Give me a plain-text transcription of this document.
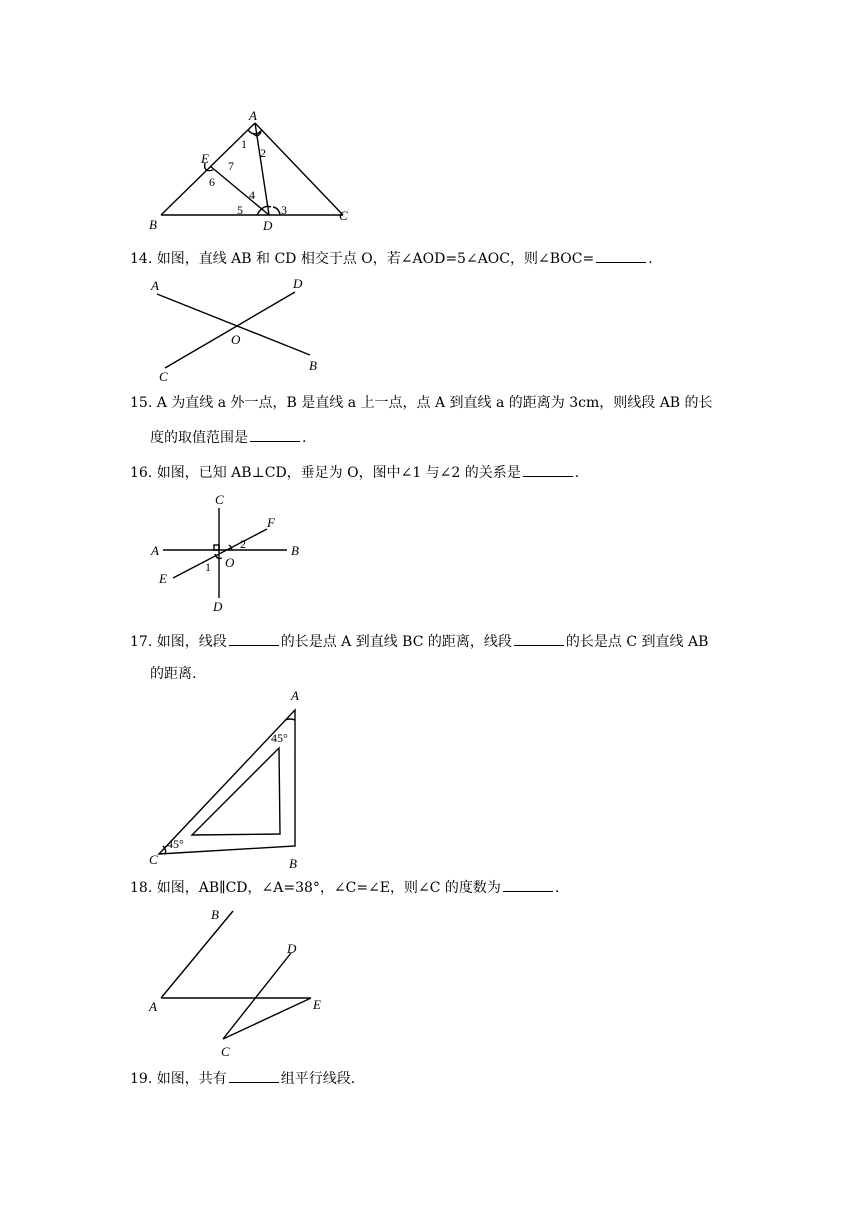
A
B
C
D
E
1
2
3
4
5
6
7
14. 如图，直线 AB 和 CD 相交于点 O，若∠AOD=5∠AOC，则∠BOC=	.
A
B
C
D
O
15. A 为直线 a 外一点，B 是直线 a 上一点，点 A 到直线 a 的距离为 3cm，则线段 AB 的长
度的取值范围是	.
16. 如图，已知 AB⊥CD，垂足为 O，图中∠1 与∠2 的关系是	.
C
A	B
F
E
D
O
1
2
17. 如图，线段	的长是点 A 到直线 BC 的距离，线段	的长是点 C 到直线 AB
的距离.
A
B
C
45°
45°
18. 如图，AB∥CD，∠A=38°，∠C=∠E，则∠C 的度数为	.
B
A
D
E
C
19. 如图，共有	组平行线段.
